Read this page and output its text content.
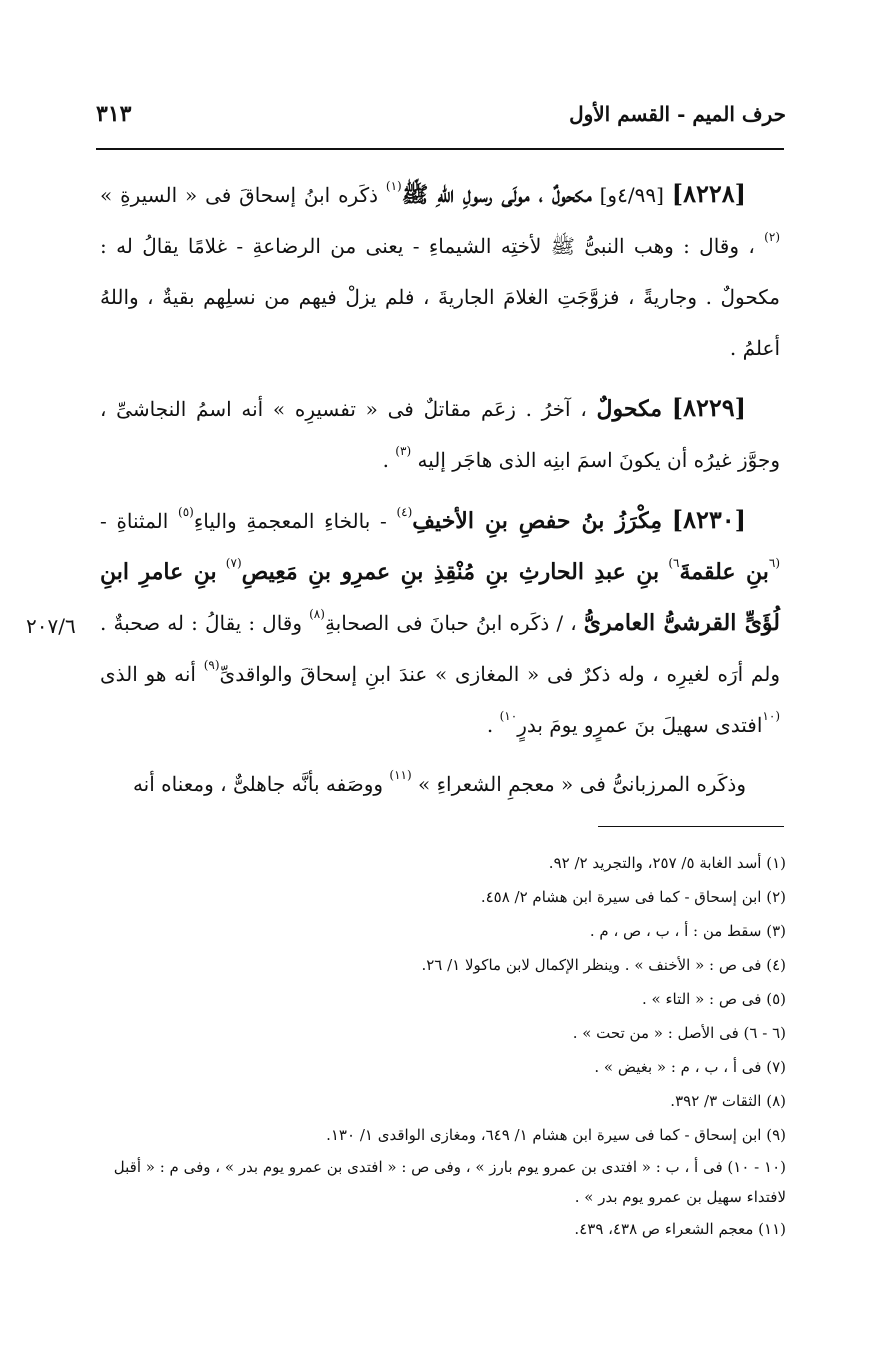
٣١٣	حرف الميم - القسم الأول

[٨٢٢٨] [٤/٩٩و] مكحولٌ ، مولَى رسولِ اللهِ ﷺ$^{(١)}$ ذكَره ابنُ إسحاقَ فى « السيرةِ » $^{(٢)}$ ، وقال : وهب النبىُّ ﷺ لأختِه الشيماءِ - يعنى من الرضاعةِ - غلامًا يقالُ له : مكحولٌ . وجاريةً ، فزوَّجَتِ الغلامَ الجاريةَ ، فلم يزلْ فيهم من نسلِهم بقيةٌ ، واللهُ أعلمُ .

[٨٢٢٩] مكحولٌ ، آخرُ . زعَم مقاتلٌ فى « تفسيرِه » أنه اسمُ النجاشىِّ ، وجوَّز غيرُه أن يكونَ اسمَ ابنِه الذى هاجَر إليه $^{(٣)}$ .

[٨٢٣٠] مِكْرَزُ بنُ حفصِ بنِ الأخيفِ$^{(٤)}$ - بالخاءِ المعجمةِ والياءِ$^{(٥)}$ المثناةِ - $^{(٦}$بنِ علقمةَ$^{٦)}$ بنِ عبدِ الحارثِ بنِ مُنْقِذِ بنِ عمرِو بنِ مَعِيصِ$^{(٧)}$ بنِ عامرِ ابنِ لُؤَىٍّ القرشىُّ العامرىُّ ، / ذكَره ابنُ حبانَ فى الصحابةِ$^{(٨)}$ وقال : يقالُ : له صحبةٌ . ولم أرَه لغيرِه ، وله ذكرٌ فى « المغازى » عندَ ابنِ إسحاقَ والواقدىِّ$^{(٩)}$ أنه هو الذى $^{(١٠}$افتدى سهيلَ بنَ عمرٍو يومَ بدرٍ$^{١٠)}$ .

وذكَره المرزبانىُّ فى « معجمِ الشعراءِ » $^{(١١)}$ ووصَفه بأنَّه جاهلىٌّ ، ومعناه أنه

٢٠٧/٦
(١) أسد الغابة ٥/ ٢٥٧، والتجريد ٢/ ٩٢.
(٢) ابن إسحاق - كما فى سيرة ابن هشام ٢/ ٤٥٨.
(٣) سقط من : أ ، ب ، ص ، م .
(٤) فى ص : « الأخنف » . وينظر الإكمال لابن ماكولا ١/ ٢٦.
(٥) فى ص : « التاء » .
(٦ - ٦) فى الأصل : « من تحت » .
(٧) فى أ ، ب ، م : « بغيض » .
(٨) الثقات ٣/ ٣٩٢.
(٩) ابن إسحاق - كما فى سيرة ابن هشام ١/ ٦٤٩، ومغازى الواقدى ١/ ١٣٠.
(١٠ - ١٠) فى أ ، ب : « افتدى بن عمرو يوم بارز » ، وفى ص : « افتدى بن عمرو يوم بدر » ، وفى م : « أقبل لافتداء سهيل بن عمرو يوم بدر » .
(١١) معجم الشعراء ص ٤٣٨، ٤٣٩.
